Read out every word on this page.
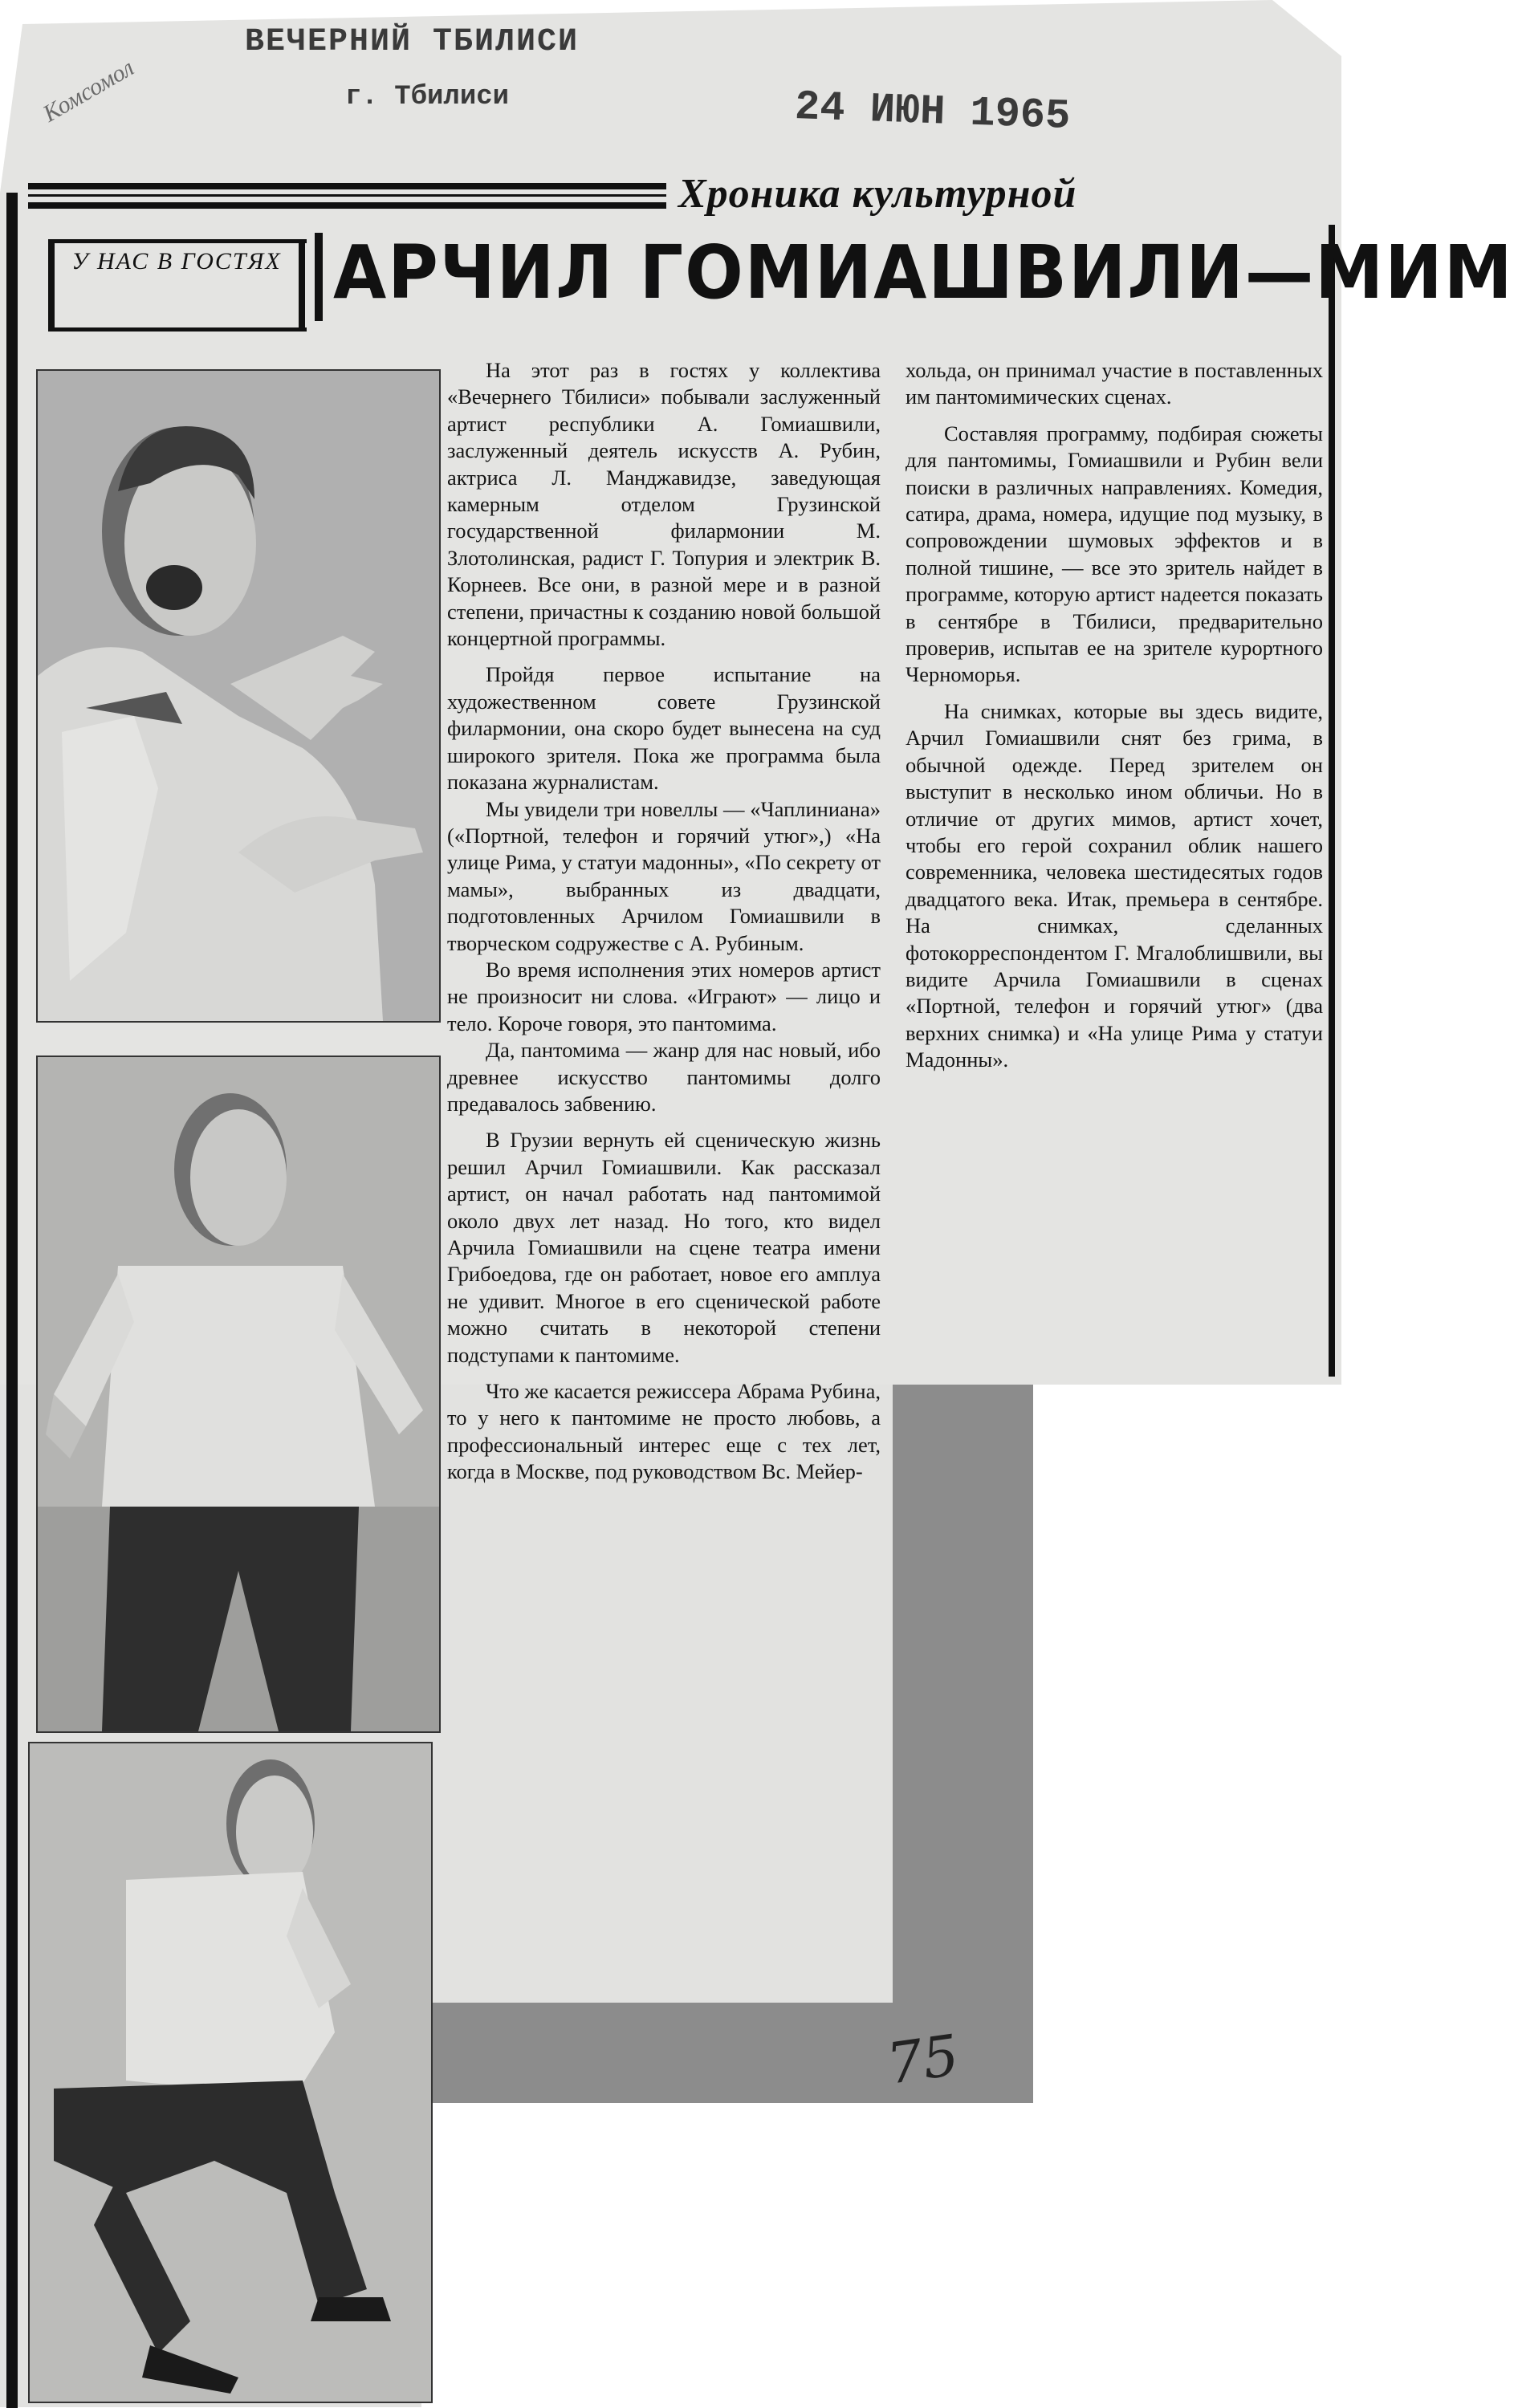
ВЕЧЕРНИЙ ТБИЛИСИ
г. Тбилиси	24 ИЮН 1965
Комсомол
Хроника культурной
У НАС В ГОСТЯХ АРЧИЛ ГОМИАШВИЛИ—МИМ

На этот раз в гостях у коллектива «Вечернего Тбилиси» побывали заслуженный артист республики А. Гомиашвили, заслуженный деятель искусств А. Рубин, актриса Л. Манджавидзе, заведующая камерным отделом Грузинской государственной филармонии М. Злотолинская, радист Г. Топурия и электрик В. Корнеев. Все они, в разной мере и в разной степени, причастны к созданию новой большой концертной программы.

Пройдя первое испытание на художественном совете Грузинской филармонии, она скоро будет вынесена на суд широкого зрителя. Пока же программа была показана журналистам.

Мы увидели три новеллы — «Чаплиниана» («Портной, телефон и горячий утюг»,) «На улице Рима, у статуи мадонны», «По секрету от мамы», выбранных из двадцати, подготовленных Арчилом Гомиашвили в творческом содружестве с А. Рубиным.

Во время исполнения этих номеров артист не произносит ни слова. «Играют» — лицо и тело. Короче говоря, это пантомима.

Да, пантомима — жанр для нас новый, ибо древнее искусство пантомимы долго предавалось забвению.

В Грузии вернуть ей сценическую жизнь решил Арчил Гомиашвили. Как рассказал артист, он начал работать над пантомимой около двух лет назад. Но того, кто видел Арчила Гомиашвили на сцене театра имени Грибоедова, где он работает, новое его амплуа не удивит. Многое в его сценической работе можно считать в некоторой степени подступами к пантомиме.

Что же касается режиссера Абрама Рубина, то у него к пантомиме не просто любовь, а профессиональный интерес еще с тех лет, когда в Москве, под руководством Вс. Мейер-

хольда, он принимал участие в поставленных им пантомимических сценах.

Составляя программу, подбирая сюжеты для пантомимы, Гомиашвили и Рубин вели поиски в различных направлениях. Комедия, сатира, драма, номера, идущие под музыку, в сопровождении шумовых эффектов и в полной тишине, — все это зритель найдет в программе, которую артист надеется показать в сентябре в Тбилиси, предварительно проверив, испытав ее на зрителе курортного Черноморья.

На снимках, которые вы здесь видите, Арчил Гомиашвили снят без грима, в обычной одежде. Перед зрителем он выступит в несколько ином обличьи. Но в отличие от других мимов, артист хочет, чтобы его герой сохранил облик нашего современника, человека шестидесятых годов двадцатого века. Итак, премьера в сентябре. На снимках, сделанных фотокорреспондентом Г. Мгалоблишвили, вы видите Арчила Гомиашвили в сценах «Портной, телефон и горячий утюг» (два верхних снимка) и «На улице Рима у статуи Мадонны».

75
